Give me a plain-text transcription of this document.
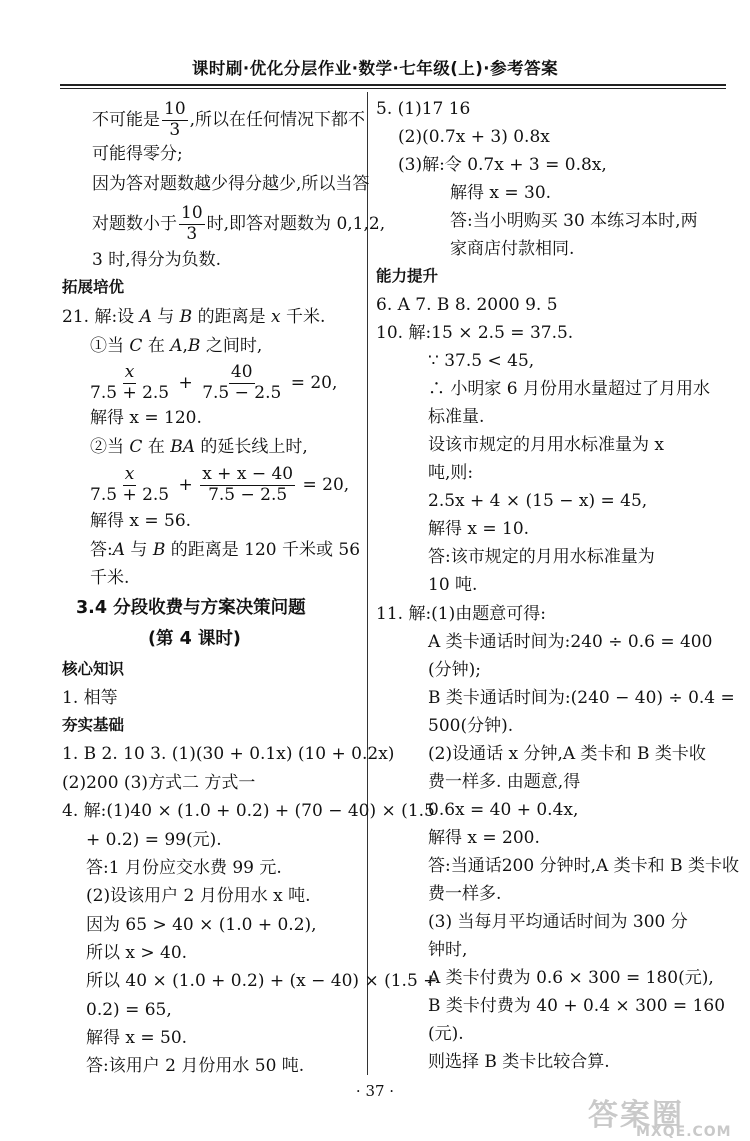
课时刷·优化分层作业·数学·七年级(上)·参考答案
不可能是 $\frac{10}{3}$ ,所以在任何情况下都不
可能得零分;
因为答对题数越少得分越少,所以当答
对题数小于 $\frac{10}{3}$ 时,即答对题数为 0,1,2,
3 时,得分为负数.
拓展培优
21. 解:设 A 与 B 的距离是 x 千米.
①当 C 在 A,B 之间时,
$\frac{x}{7.5 + 2.5} + \frac{40}{7.5 - 2.5} = 20$,
解得 x = 120.
②当 C 在 BA 的延长线上时,
$\frac{x}{7.5 + 2.5} + \frac{x + x - 40}{7.5 - 2.5} = 20$,
解得 x = 56.
答:A 与 B 的距离是 120 千米或 56
千米.
3.4 分段收费与方案决策问题
(第 4 课时)
核心知识
1. 相等
夯实基础
1. B 2. 10 3. (1)(30 + 0.1x) (10 + 0.2x)
(2)200 (3)方式二 方式一
4. 解:(1)40 × (1.0 + 0.2) + (70 − 40) × (1.5
+ 0.2) = 99(元).
答:1 月份应交水费 99 元.
(2)设该用户 2 月份用水 x 吨.
因为 65 > 40 × (1.0 + 0.2),
所以 x > 40.
所以 40 × (1.0 + 0.2) + (x − 40) × (1.5 +
0.2) = 65,
解得 x = 50.
答:该用户 2 月份用水 50 吨.
5. (1)17 16
(2)(0.7x + 3) 0.8x
(3)解:令 0.7x + 3 = 0.8x,
解得 x = 30.
答:当小明购买 30 本练习本时,两
家商店付款相同.
能力提升
6. A 7. B 8. 2000 9. 5
10. 解:15 × 2.5 = 37.5.
∵ 37.5 < 45,
∴ 小明家 6 月份用水量超过了月用水
标准量.
设该市规定的月用水标准量为 x
吨,则:
2.5x + 4 × (15 − x) = 45,
解得 x = 10.
答:该市规定的月用水标准量为
10 吨.
11. 解:(1)由题意可得:
A 类卡通话时间为:240 ÷ 0.6 = 400
(分钟);
B 类卡通话时间为:(240 − 40) ÷ 0.4 =
500(分钟).
(2)设通话 x 分钟,A 类卡和 B 类卡收
费一样多. 由题意,得
0.6x = 40 + 0.4x,
解得 x = 200.
答:当通话200 分钟时,A 类卡和 B 类卡收
费一样多.
(3) 当每月平均通话时间为 300 分
钟时,
A 类卡付费为 0.6 × 300 = 180(元),
B 类卡付费为 40 + 0.4 × 300 = 160
(元).
则选择 B 类卡比较合算.
· 37 ·
答案圈
MXQE.COM
